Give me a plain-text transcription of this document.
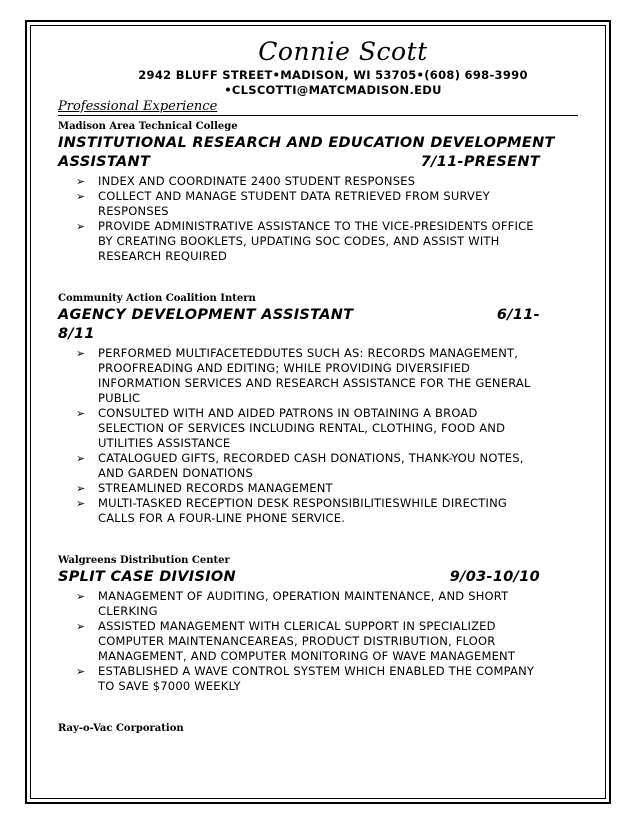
Connie Scott
2942 BLUFF STREET•MADISON, WI 53705•(608) 698-3990
•CLSCOTTI@MATCMADISON.EDU
Professional Experience
Madison Area Technical College
INSTITUTIONAL RESEARCH AND EDUCATION DEVELOPMENT
ASSISTANT	7/11-PRESENT
➢ INDEX AND COORDINATE 2400 STUDENT RESPONSES
➢ COLLECT AND MANAGE STUDENT DATA RETRIEVED FROM SURVEY RESPONSES
➢ PROVIDE ADMINISTRATIVE ASSISTANCE TO THE VICE-PRESIDENTS OFFICE BY CREATING BOOKLETS, UPDATING SOC CODES, AND ASSIST WITH RESEARCH REQUIRED
Community Action Coalition Intern
AGENCY DEVELOPMENT ASSISTANT	6/11-
8/11
➢ PERFORMED MULTIFACETEDDUTES SUCH AS: RECORDS MANAGEMENT, PROOFREADING AND EDITING; WHILE PROVIDING DIVERSIFIED INFORMATION SERVICES AND RESEARCH ASSISTANCE FOR THE GENERAL PUBLIC
➢ CONSULTED WITH AND AIDED PATRONS IN OBTAINING A BROAD SELECTION OF SERVICES INCLUDING RENTAL, CLOTHING, FOOD AND UTILITIES ASSISTANCE
➢ CATALOGUED GIFTS, RECORDED CASH DONATIONS, THANK-YOU NOTES, AND GARDEN DONATIONS
➢ STREAMLINED RECORDS MANAGEMENT
➢ MULTI-TASKED RECEPTION DESK RESPONSIBILITIESWHILE DIRECTING CALLS FOR A FOUR-LINE PHONE SERVICE.
Walgreens Distribution Center
SPLIT CASE DIVISION	9/03-10/10
➢ MANAGEMENT OF AUDITING, OPERATION MAINTENANCE, AND SHORT CLERKING
➢ ASSISTED MANAGEMENT WITH CLERICAL SUPPORT IN SPECIALIZED COMPUTER MAINTENANCEAREAS, PRODUCT DISTRIBUTION, FLOOR MANAGEMENT, AND COMPUTER MONITORING OF WAVE MANAGEMENT
➢ ESTABLISHED A WAVE CONTROL SYSTEM WHICH ENABLED THE COMPANY TO SAVE $7000 WEEKLY
Ray-o-Vac Corporation
